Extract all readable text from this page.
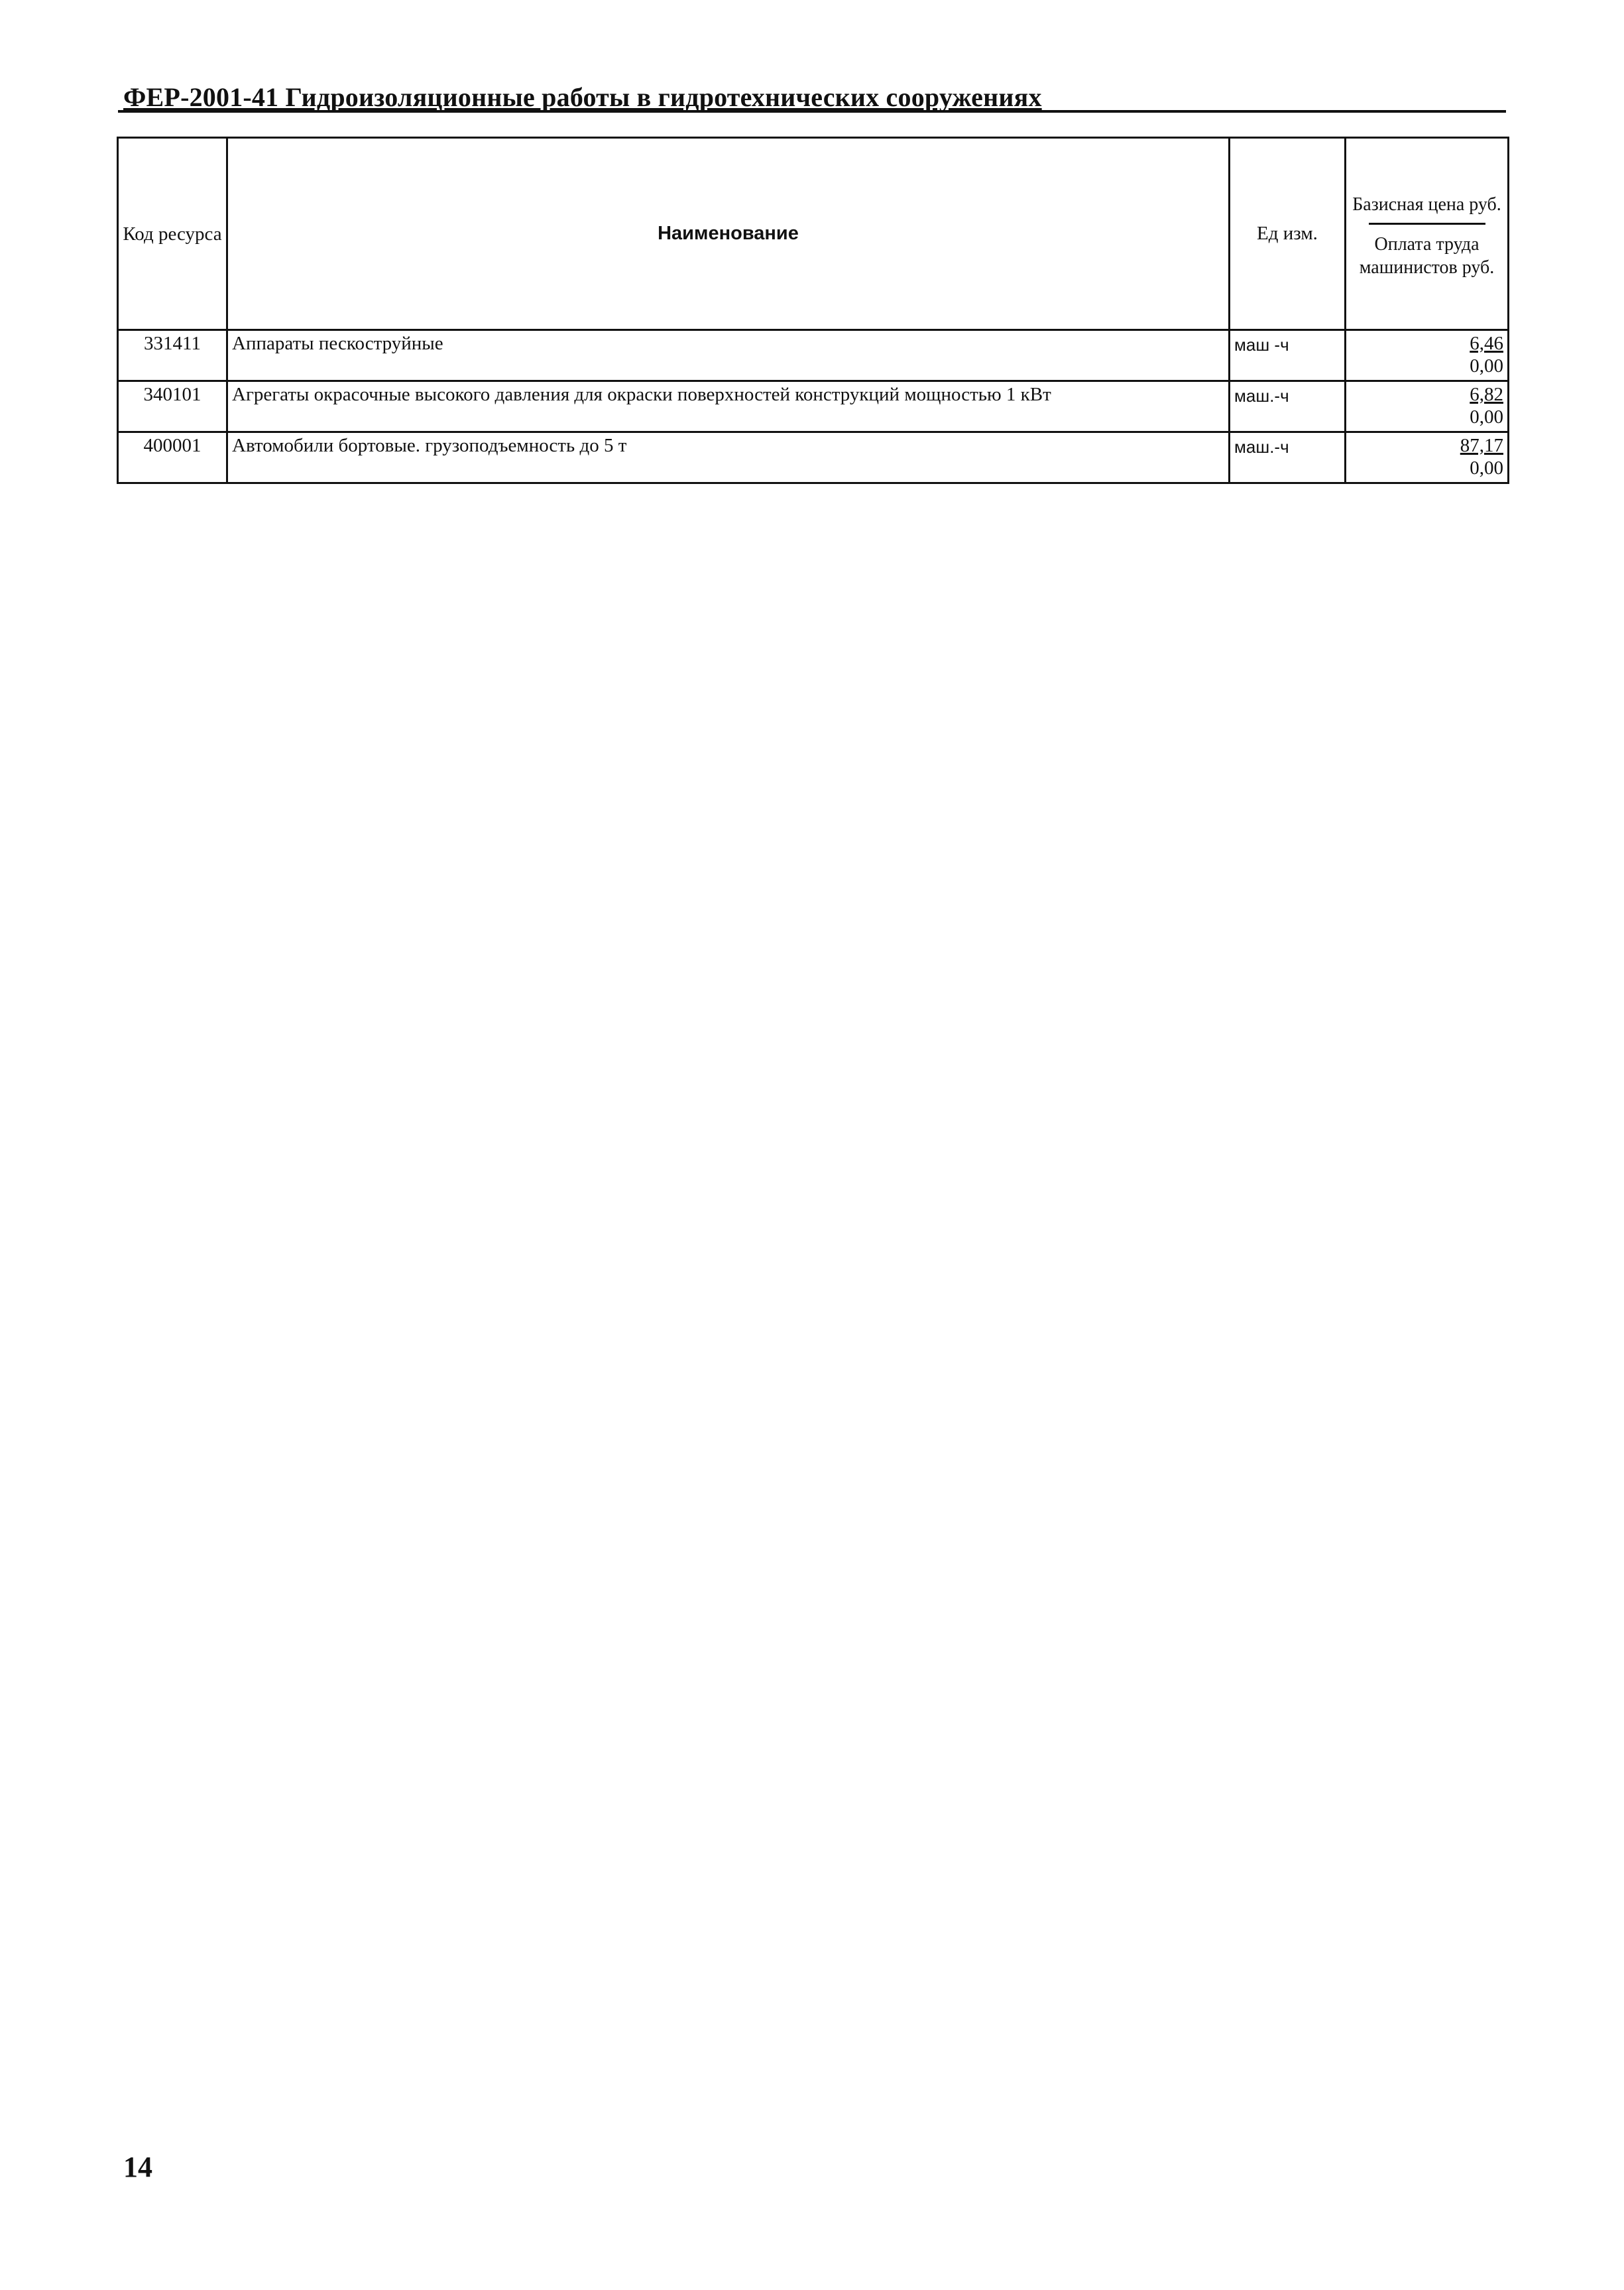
ФЕР-2001-41 Гидроизоляционные работы в гидротехнических сооружениях
Код ресурса	Наименование	Ед изм.	Базисная цена руб.
Оплата труда машинистов руб.

331411	Аппараты пескоструйные	маш -ч	6,46
0,00

340101	Агрегаты окрасочные высокого давления для окраски поверхностей конструкций мощностью 1 кВт	маш.-ч	6,82
0,00

400001	Автомобили бортовые. грузоподъемность до 5 т	маш.-ч	87,17
0,00
14
